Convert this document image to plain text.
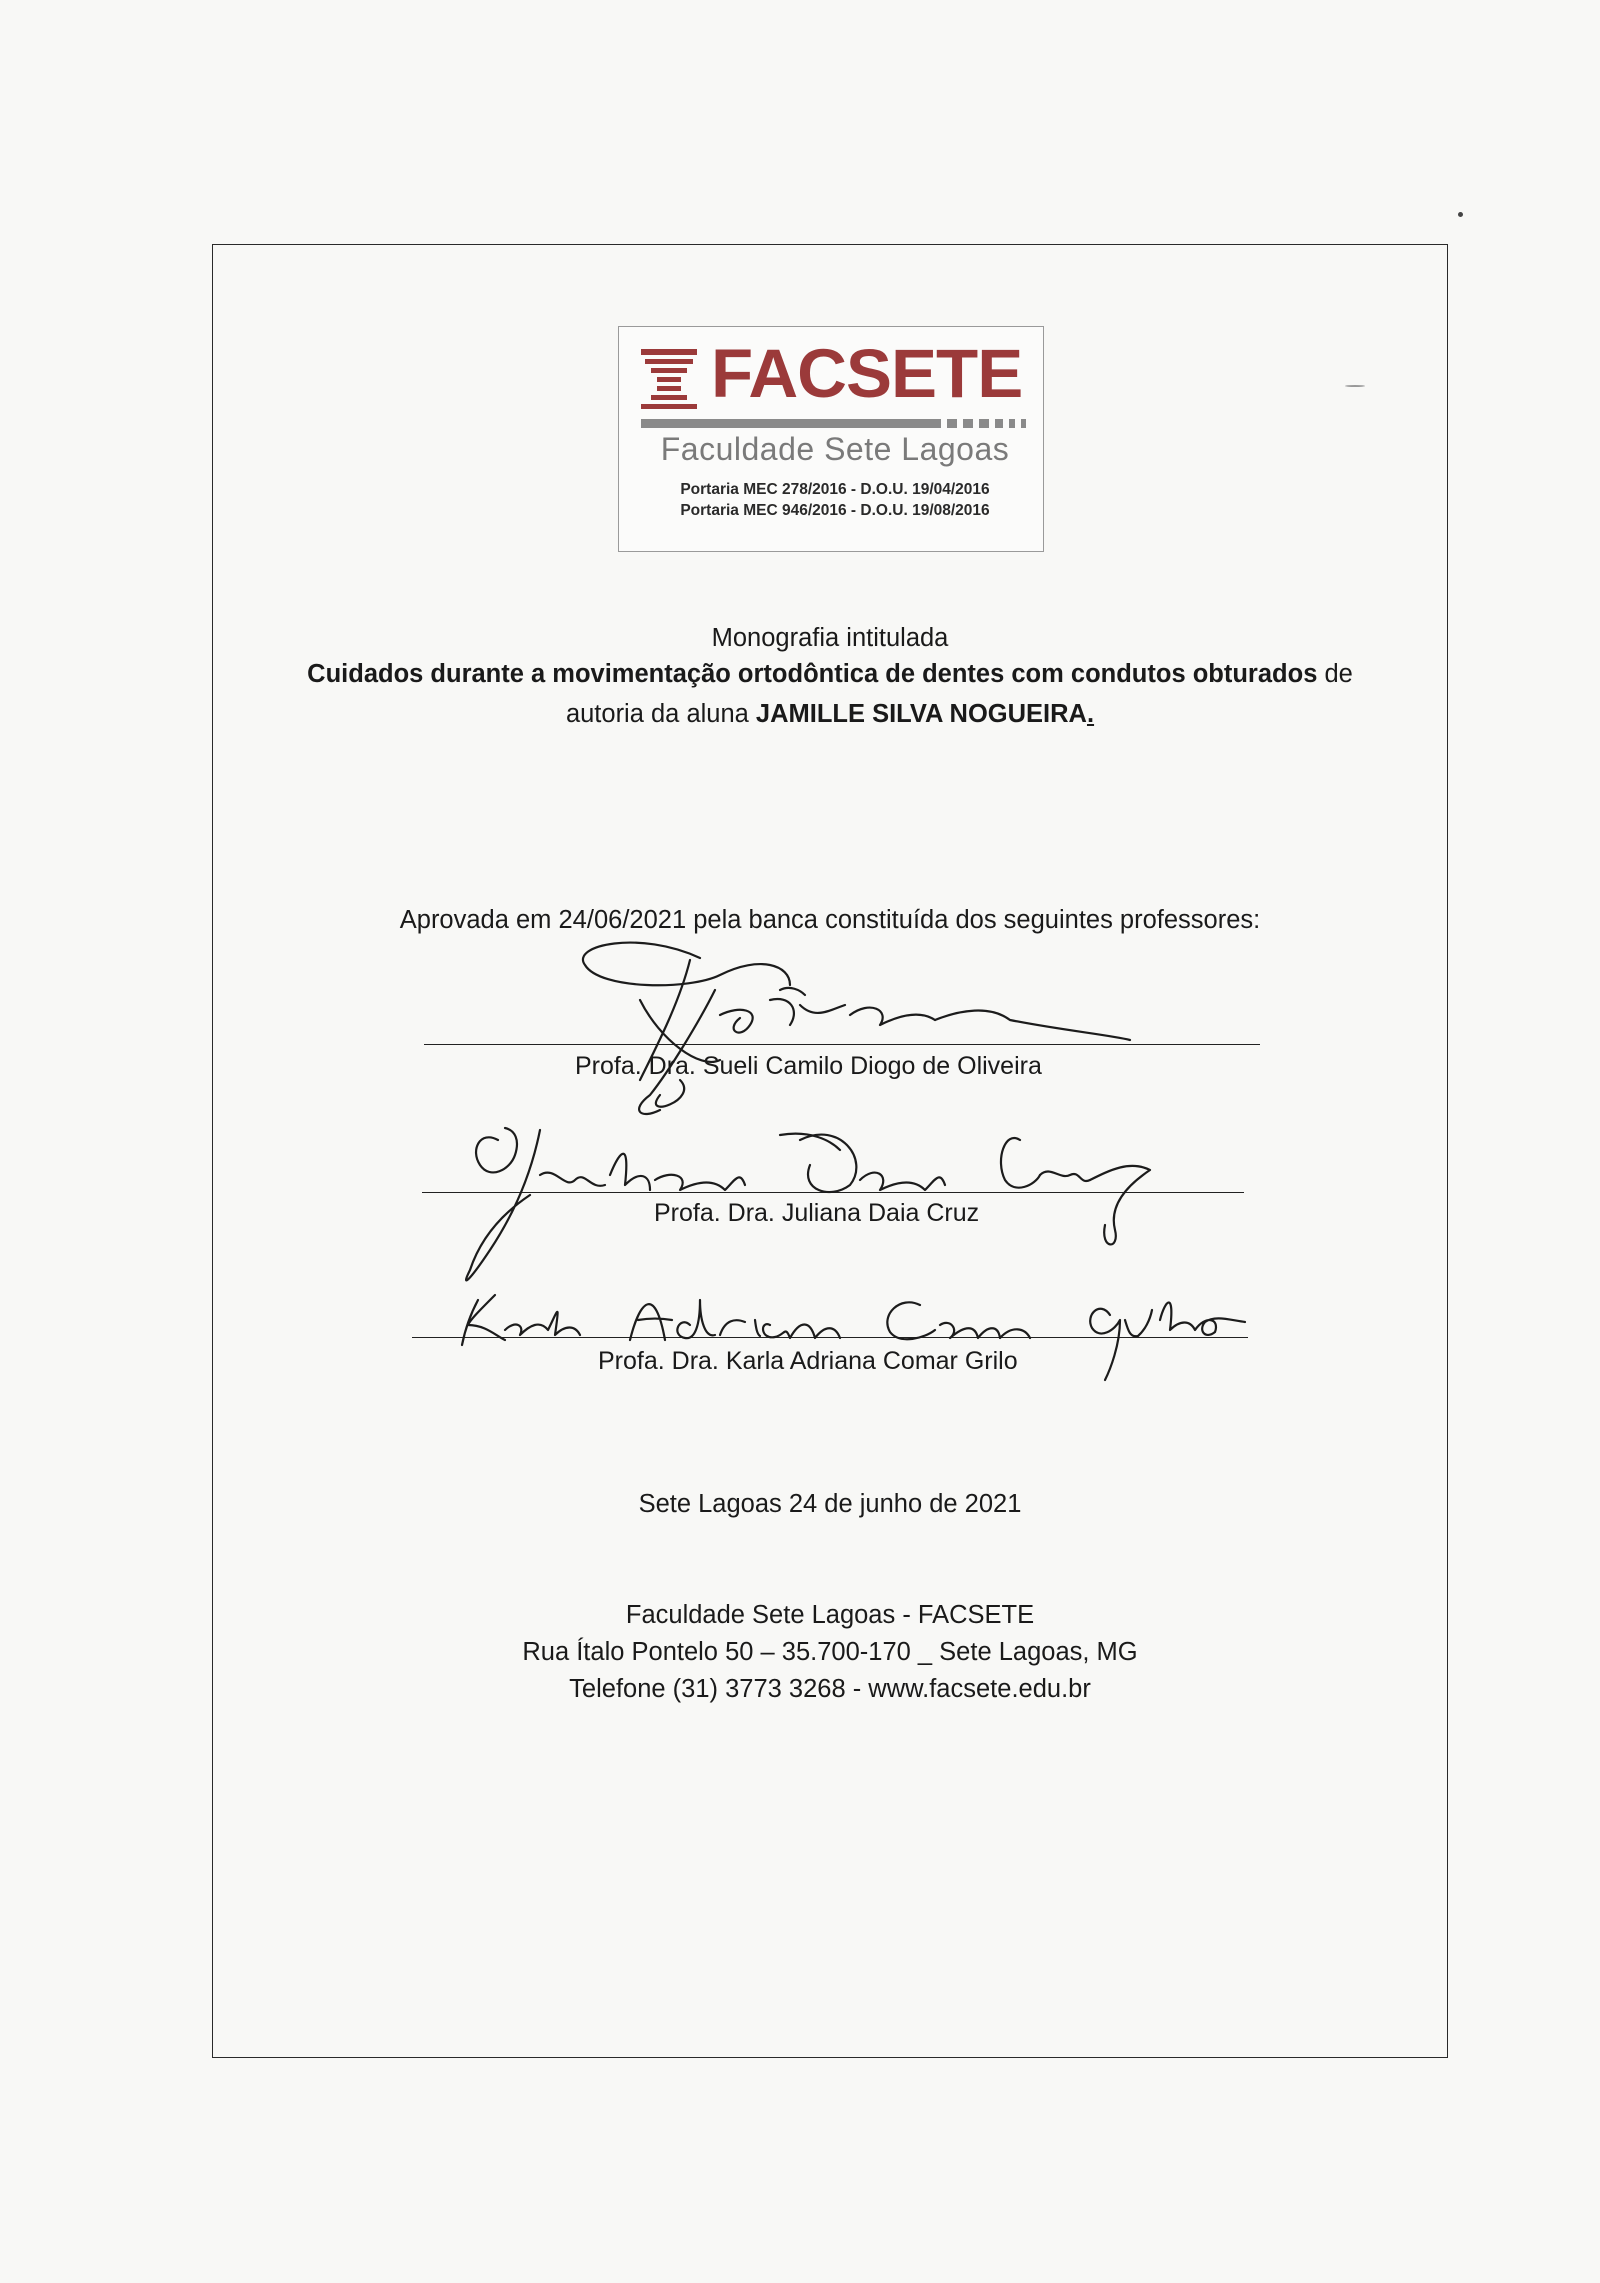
FACSETE
Faculdade Sete Lagoas
Portaria MEC 278/2016 - D.O.U. 19/04/2016
Portaria MEC 946/2016 - D.O.U. 19/08/2016
Monografia intitulada
Cuidados durante a movimentação ortodôntica de dentes com condutos obturados de
autoria da aluna JAMILLE SILVA NOGUEIRA.
Aprovada em 24/06/2021 pela banca constituída dos seguintes professores:
Profa. Dra. Sueli Camilo Diogo de Oliveira
Profa. Dra. Juliana Daia Cruz
Profa. Dra. Karla Adriana Comar Grilo
Sete Lagoas 24 de junho de 2021
Faculdade Sete Lagoas - FACSETE
Rua Ítalo Pontelo 50 – 35.700-170 _ Sete Lagoas, MG
Telefone (31) 3773 3268 - www.facsete.edu.br
